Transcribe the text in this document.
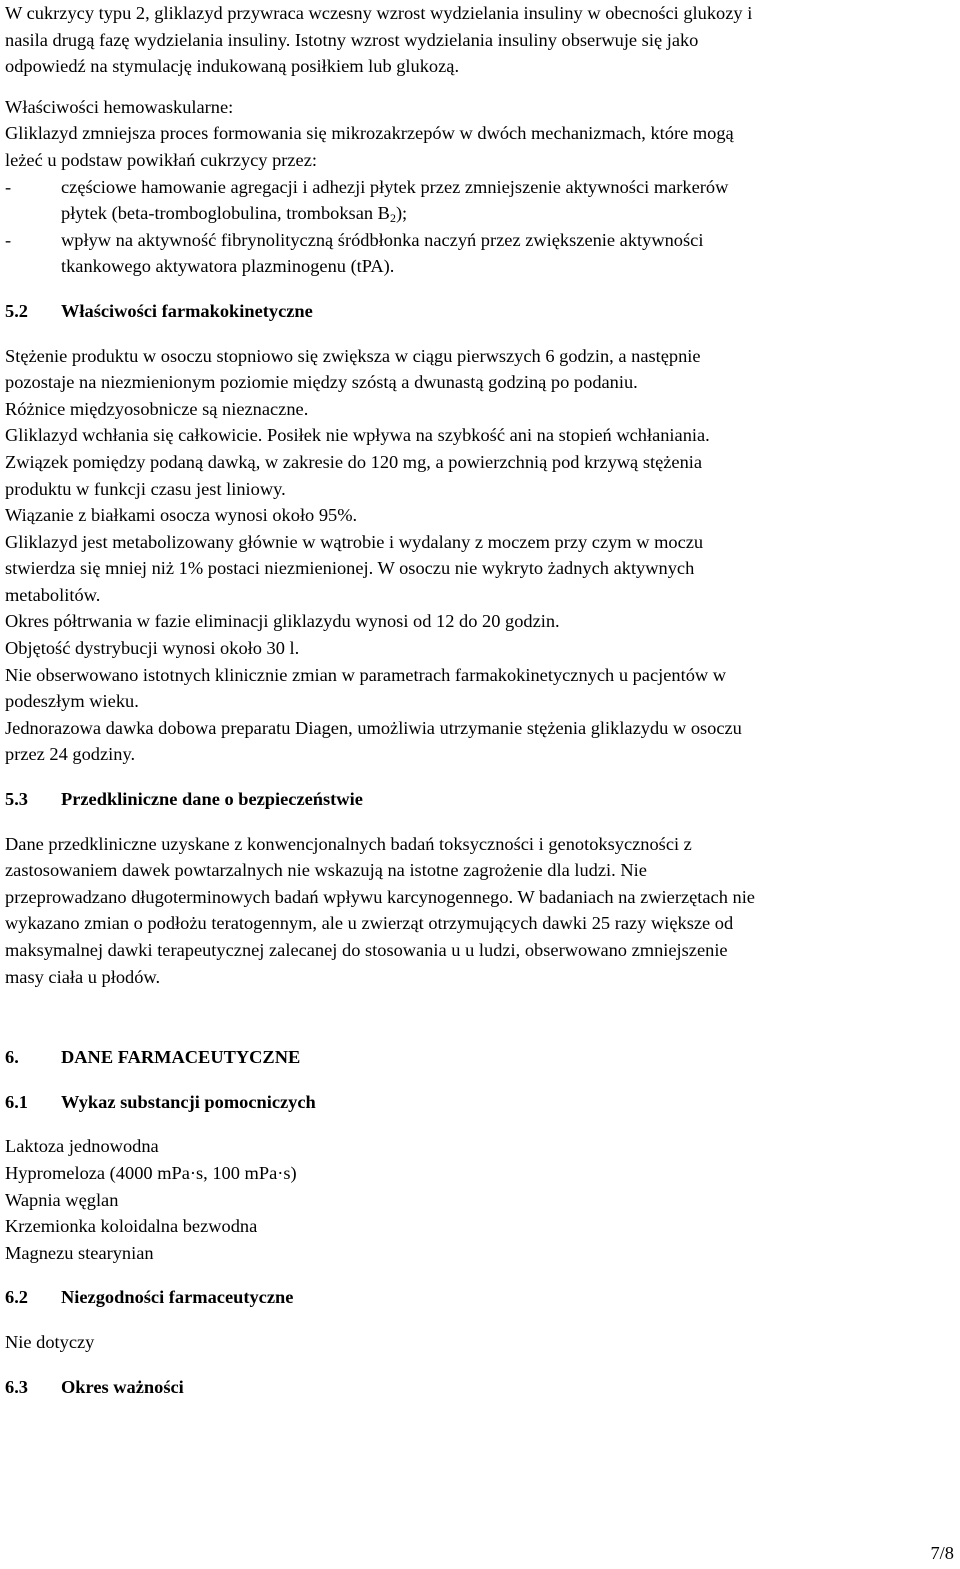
W cukrzycy typu 2, gliklazyd przywraca wczesny wzrost wydzielania insuliny w obecności glukozy i
nasila drugą fazę wydzielania insuliny. Istotny wzrost wydzielania insuliny obserwuje się jako
odpowiedź na stymulację indukowaną posiłkiem lub glukozą.
Właściwości hemowaskularne:
Gliklazyd zmniejsza proces formowania się mikrozakrzepów w dwóch mechanizmach, które mogą
leżeć u podstaw powikłań cukrzycy przez:
-	częściowe hamowanie agregacji i adhezji płytek przez zmniejszenie aktywności markerów
płytek (beta-tromboglobulina, tromboksan $B_2$);
-	wpływ na aktywność fibrynolityczną śródbłonka naczyń przez zwiększenie aktywności
tkankowego aktywatora plazminogenu (tPA).
5.2 Właściwości farmakokinetyczne
Stężenie produktu w osoczu stopniowo się zwiększa w ciągu pierwszych 6 godzin, a następnie
pozostaje na niezmienionym poziomie między szóstą a dwunastą godziną po podaniu.
Różnice międzyosobnicze są nieznaczne.
Gliklazyd wchłania się całkowicie. Posiłek nie wpływa na szybkość ani na stopień wchłaniania.
Związek pomiędzy podaną dawką, w zakresie do 120 mg, a powierzchnią pod krzywą stężenia
produktu w funkcji czasu jest liniowy.
Wiązanie z białkami osocza wynosi około 95%.
Gliklazyd jest metabolizowany głównie w wątrobie i wydalany z moczem przy czym w moczu
stwierdza się mniej niż 1% postaci niezmienionej. W osoczu nie wykryto żadnych aktywnych
metabolitów.
Okres półtrwania w fazie eliminacji gliklazydu wynosi od 12 do 20 godzin.
Objętość dystrybucji wynosi około 30 l.
Nie obserwowano istotnych klinicznie zmian w parametrach farmakokinetycznych u pacjentów w
podeszłym wieku.
Jednorazowa dawka dobowa preparatu Diagen, umożliwia utrzymanie stężenia gliklazydu w osoczu
przez 24 godziny.
5.3 Przedkliniczne dane o bezpieczeństwie
Dane przedkliniczne uzyskane z konwencjonalnych badań toksyczności i genotoksyczności z
zastosowaniem dawek powtarzalnych nie wskazują na istotne zagrożenie dla ludzi. Nie
przeprowadzano długoterminowych badań wpływu karcynogennego. W badaniach na zwierzętach nie
wykazano zmian o podłożu teratogennym, ale u zwierząt otrzymujących dawki 25 razy większe od
maksymalnej dawki terapeutycznej zalecanej do stosowania u u ludzi, obserwowano zmniejszenie
masy ciała u płodów.
6. DANE FARMACEUTYCZNE
6.1 Wykaz substancji pomocniczych
Laktoza jednowodna
Hypromeloza (4000 mPa·s, 100 mPa·s)
Wapnia węglan
Krzemionka koloidalna bezwodna
Magnezu stearynian
6.2 Niezgodności farmaceutyczne
Nie dotyczy
6.3 Okres ważności
7/8
